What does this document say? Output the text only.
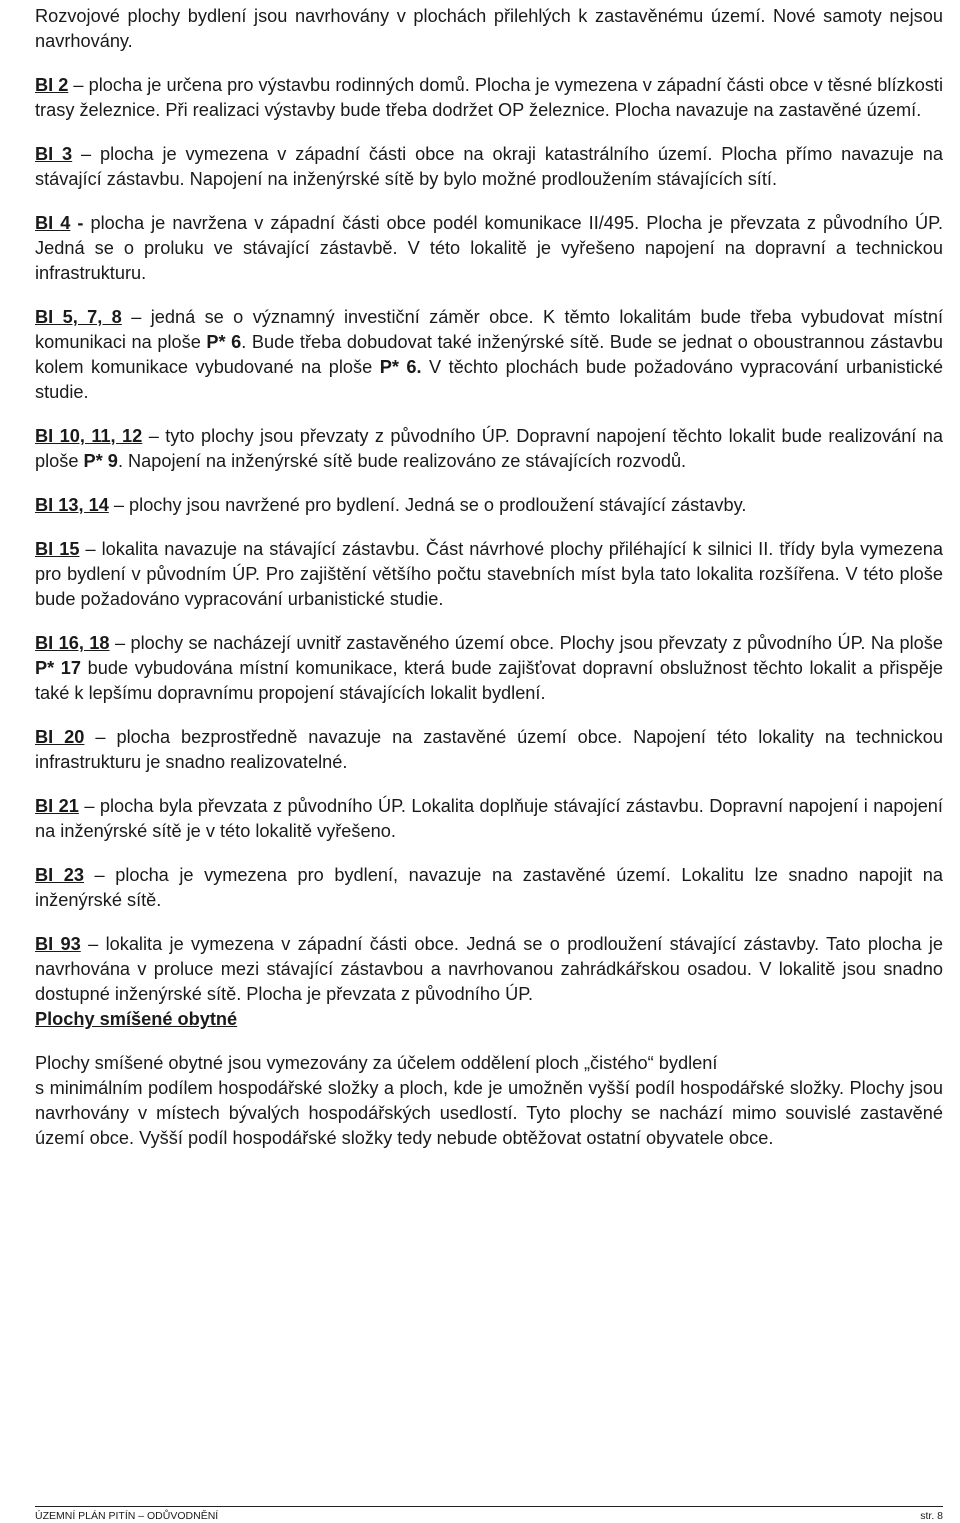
Rozvojové plochy bydlení jsou navrhovány v plochách přilehlých k zastavěnému území. Nové samoty nejsou navrhovány.

BI 2 – plocha je určena pro výstavbu rodinných domů. Plocha je vymezena v západní části obce v těsné blízkosti trasy železnice. Při realizaci výstavby bude třeba dodržet OP železnice. Plocha navazuje na zastavěné území.

BI 3 – plocha je vymezena v západní části obce na okraji katastrálního území. Plocha přímo navazuje na stávající zástavbu. Napojení na inženýrské sítě by bylo možné prodloužením stávajících sítí.

BI 4 - plocha je navržena v západní části obce podél komunikace II/495. Plocha je převzata z původního ÚP. Jedná se o proluku ve stávající zástavbě. V této lokalitě je vyřešeno napojení na dopravní a technickou infrastrukturu.

BI 5, 7, 8 – jedná se o významný investiční záměr obce. K těmto lokalitám bude třeba vybudovat místní komunikaci na ploše P* 6. Bude třeba dobudovat také inženýrské sítě. Bude se jednat o oboustrannou zástavbu kolem komunikace vybudované na ploše P* 6. V těchto plochách bude požadováno vypracování urbanistické studie.

BI 10, 11, 12 – tyto plochy jsou převzaty z původního ÚP. Dopravní napojení těchto lokalit bude realizování na ploše P* 9. Napojení na inženýrské sítě bude realizováno ze stávajících rozvodů.

BI 13, 14 – plochy jsou navržené pro bydlení. Jedná se o prodloužení stávající zástavby.

BI 15 – lokalita navazuje na stávající zástavbu. Část návrhové plochy přiléhající k silnici II. třídy byla vymezena pro bydlení v původním ÚP. Pro zajištění většího počtu stavebních míst byla tato lokalita rozšířena. V této ploše bude požadováno vypracování urbanistické studie.

BI 16, 18 – plochy se nacházejí uvnitř zastavěného území obce. Plochy jsou převzaty z původního ÚP. Na ploše P* 17 bude vybudována místní komunikace, která bude zajišťovat dopravní obslužnost těchto lokalit a přispěje také k lepšímu dopravnímu propojení stávajících lokalit bydlení.

BI 20 – plocha bezprostředně navazuje na zastavěné území obce. Napojení této lokality na technickou infrastrukturu je snadno realizovatelné.

BI 21 – plocha byla převzata z původního ÚP. Lokalita doplňuje stávající zástavbu. Dopravní napojení i napojení na inženýrské sítě je v této lokalitě vyřešeno.

BI 23 – plocha je vymezena pro bydlení, navazuje na zastavěné území. Lokalitu lze snadno napojit na inženýrské sítě.

BI 93 – lokalita je vymezena v západní části obce. Jedná se o prodloužení stávající zástavby. Tato plocha je navrhována v proluce mezi stávající zástavbou a navrhovanou zahrádkářskou osadou. V lokalitě jsou snadno dostupné inženýrské sítě. Plocha je převzata z původního ÚP.

Plochy smíšené obytné

Plochy smíšené obytné jsou vymezovány za účelem oddělení ploch „čistého“ bydlení
s minimálním podílem hospodářské složky a ploch, kde je umožněn vyšší podíl hospodářské složky. Plochy jsou navrhovány v místech bývalých hospodářských usedlostí. Tyto plochy se nachází mimo souvislé zastavěné území obce. Vyšší podíl hospodářské složky tedy nebude obtěžovat ostatní obyvatele obce.

ÚZEMNÍ PLÁN PITÍN – ODŮVODNĚNÍ	str. 8
